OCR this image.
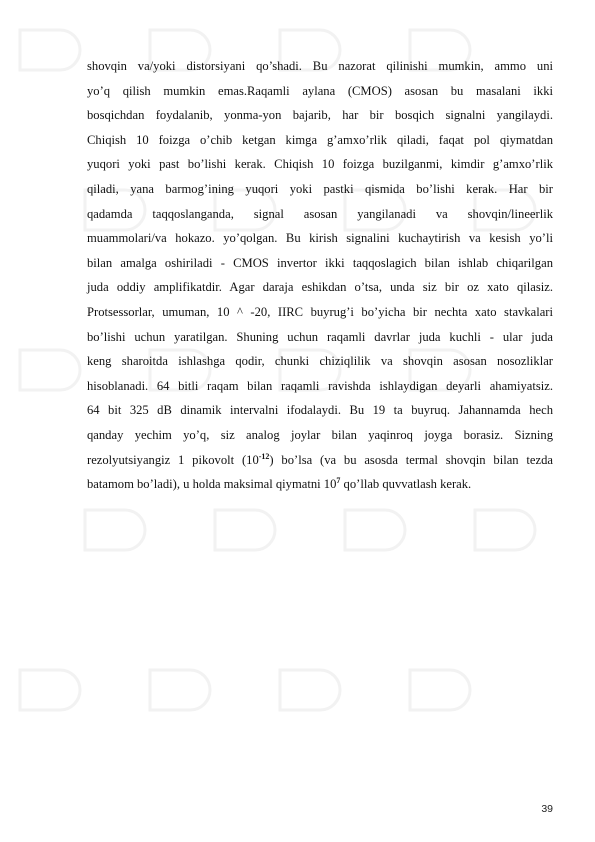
shovqin va/yoki distorsiyani qo’shadi. Bu nazorat qilinishi mumkin, ammo uni
yo’q qilish mumkin emas.Raqamli aylana (CMOS) asosan bu masalani ikki
bosqichdan foydalanib, yonma-yon bajarib, har bir bosqich signalni yangilaydi.
Chiqish 10 foizga o’chib ketgan kimga g’amxo’rlik qiladi, faqat pol qiymatdan
yuqori yoki past bo’lishi kerak. Chiqish 10 foizga buzilganmi, kimdir g’amxo’rlik
qiladi, yana barmog’ining yuqori yoki pastki qismida bo’lishi kerak. Har bir
qadamda taqqoslanganda, signal asosan yangilanadi va shovqin/lineerlik
muammolari/va hokazo. yo’qolgan. Bu kirish signalini kuchaytirish va kesish yo’li
bilan amalga oshiriladi - CMOS invertor ikki taqqoslagich bilan ishlab chiqarilgan
juda oddiy amplifikatdir. Agar daraja eshikdan o’tsa, unda siz bir oz xato qilasiz.
Protsessorlar, umuman, 10 ^ -20, IIRC buyrug’i bo’yicha bir nechta xato stavkalari
bo’lishi uchun yaratilgan. Shuning uchun raqamli davrlar juda kuchli - ular juda
keng sharoitda ishlashga qodir, chunki chiziqlilik va shovqin asosan nosozliklar
hisoblanadi. 64 bitli raqam bilan raqamli ravishda ishlaydigan deyarli ahamiyatsiz.
64 bit 325 dB dinamik intervalni ifodalaydi. Bu 19 ta buyruq. Jahannamda hech
qanday yechim yo’q, siz analog joylar bilan yaqinroq joyga borasiz. Sizning
rezolyutsiyangiz 1 pikovolt $(10^{-12})$ bo’lsa (va bu asosda termal shovqin bilan tezda
batamom bo’ladi), u holda maksimal qiymatni $10^7$ qo’llab quvvatlash kerak.
39
